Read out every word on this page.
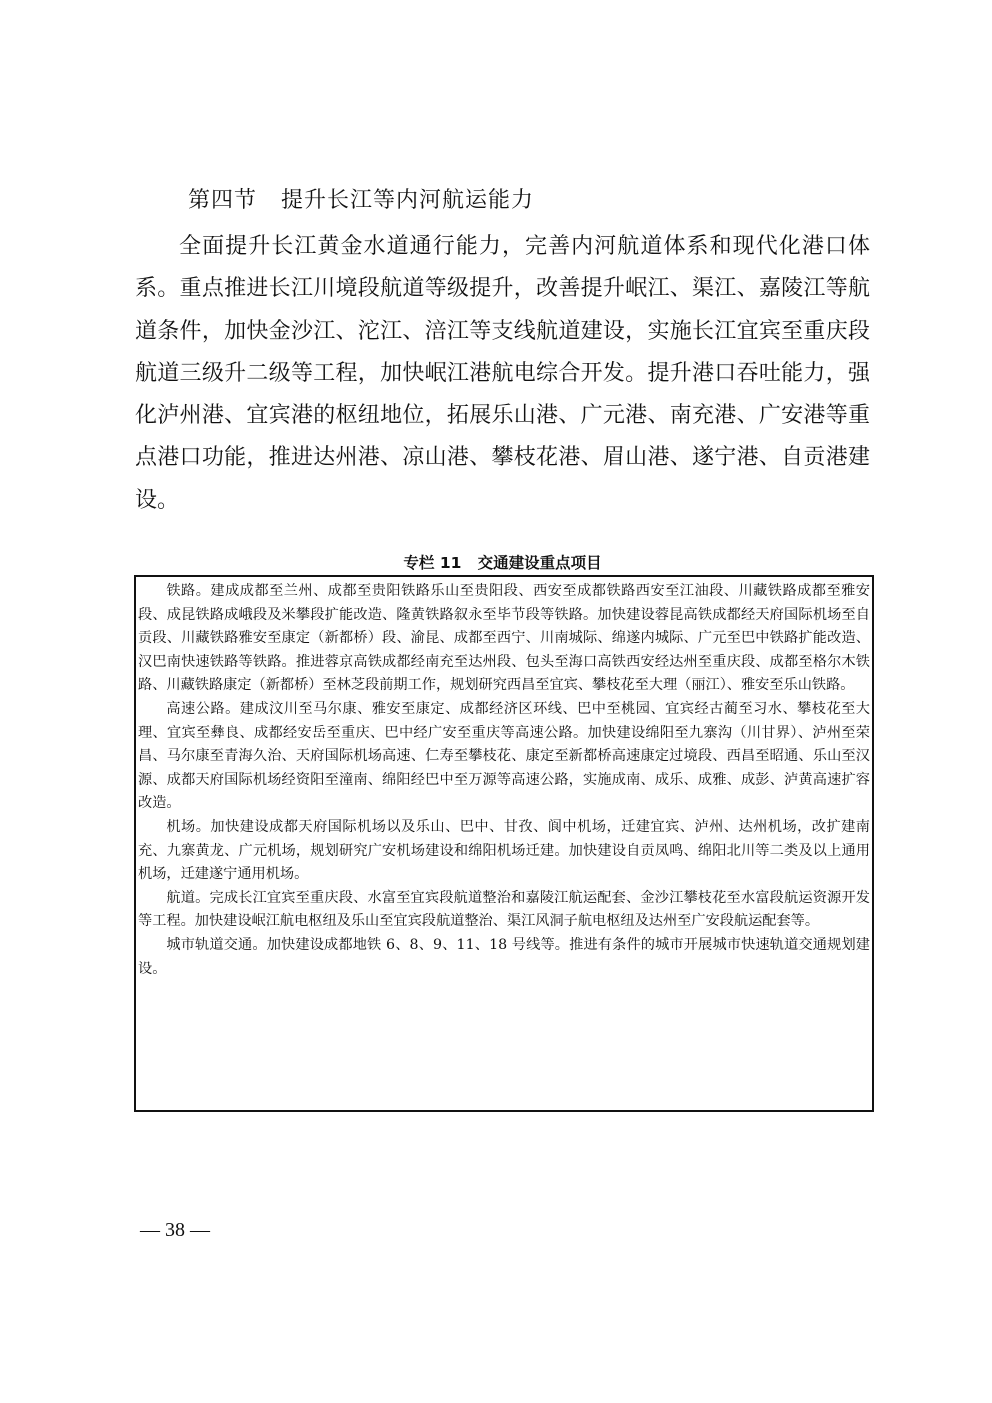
第四节   提升长江等内河航运能力

全面提升长江黄金水道通行能力，完善内河航道体系和现代化港口体系。重点推进长江川境段航道等级提升，改善提升岷江、渠江、嘉陵江等航道条件，加快金沙江、沱江、涪江等支线航道建设，实施长江宜宾至重庆段航道三级升二级等工程，加快岷江港航电综合开发。提升港口吞吐能力，强化泸州港、宜宾港的枢纽地位，拓展乐山港、广元港、南充港、广安港等重点港口功能，推进达州港、凉山港、攀枝花港、眉山港、遂宁港、自贡港建设。

专栏 11   交通建设重点项目

铁路。建成成都至兰州、成都至贵阳铁路乐山至贵阳段、西安至成都铁路西安至江油段、川藏铁路成都至雅安段、成昆铁路成峨段及米攀段扩能改造、隆黄铁路叙永至毕节段等铁路。加快建设蓉昆高铁成都经天府国际机场至自贡段、川藏铁路雅安至康定（新都桥）段、渝昆、成都至西宁、川南城际、绵遂内城际、广元至巴中铁路扩能改造、汉巴南快速铁路等铁路。推进蓉京高铁成都经南充至达州段、包头至海口高铁西安经达州至重庆段、成都至格尔木铁路、川藏铁路康定（新都桥）至林芝段前期工作，规划研究西昌至宜宾、攀枝花至大理（丽江）、雅安至乐山铁路。

高速公路。建成汶川至马尔康、雅安至康定、成都经济区环线、巴中至桃园、宜宾经古蔺至习水、攀枝花至大理、宜宾至彝良、成都经安岳至重庆、巴中经广安至重庆等高速公路。加快建设绵阳至九寨沟（川甘界）、泸州至荣昌、马尔康至青海久治、天府国际机场高速、仁寿至攀枝花、康定至新都桥高速康定过境段、西昌至昭通、乐山至汉源、成都天府国际机场经资阳至潼南、绵阳经巴中至万源等高速公路，实施成南、成乐、成雅、成彭、泸黄高速扩容改造。

机场。加快建设成都天府国际机场以及乐山、巴中、甘孜、阆中机场，迁建宜宾、泸州、达州机场，改扩建南充、九寨黄龙、广元机场，规划研究广安机场建设和绵阳机场迁建。加快建设自贡凤鸣、绵阳北川等二类及以上通用机场，迁建遂宁通用机场。

航道。完成长江宜宾至重庆段、水富至宜宾段航道整治和嘉陵江航运配套、金沙江攀枝花至水富段航运资源开发等工程。加快建设岷江航电枢纽及乐山至宜宾段航道整治、渠江风洞子航电枢纽及达州至广安段航运配套等。

城市轨道交通。加快建设成都地铁 6、8、9、11、18 号线等。推进有条件的城市开展城市快速轨道交通规划建设。

— 38 —
